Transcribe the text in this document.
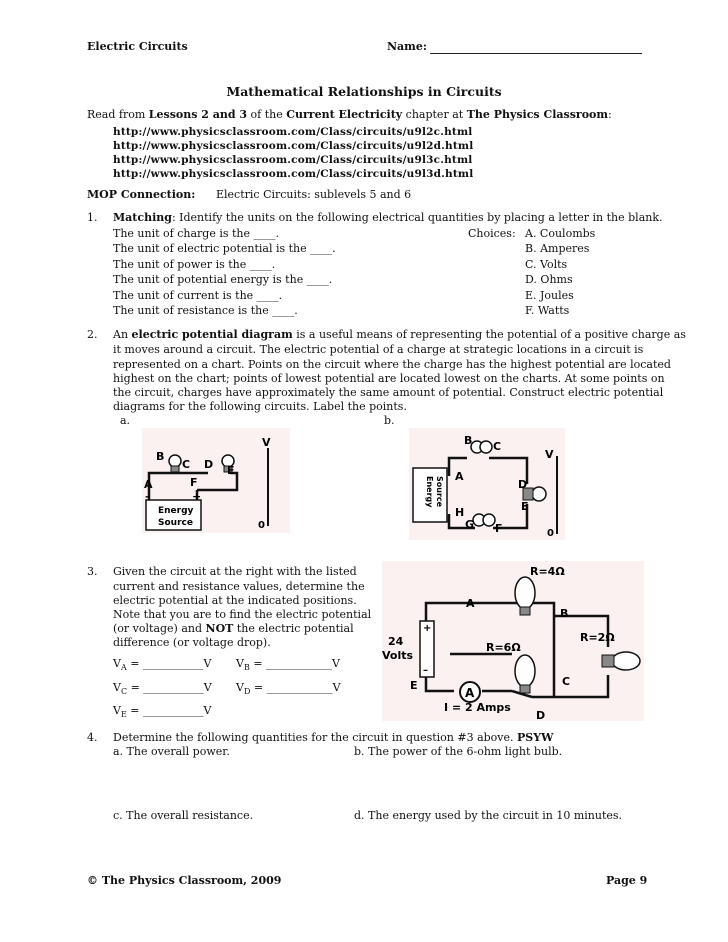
Electric Circuits	Name:
Mathematical Relationships in Circuits
Read from Lessons 2 and 3 of the Current Electricity chapter at The Physics Classroom:
http://www.physicsclassroom.com/Class/circuits/u9l2c.html
http://www.physicsclassroom.com/Class/circuits/u9l2d.html
http://www.physicsclassroom.com/Class/circuits/u9l3c.html
http://www.physicsclassroom.com/Class/circuits/u9l3d.html
MOP Connection: Electric Circuits: sublevels 5 and 6
1. Matching: Identify the units on the following electrical quantities by placing a letter in the blank.
The unit of charge is the ____.
The unit of electric potential is the ____.
The unit of power is the ____.
The unit of potential energy is the ____.
The unit of current is the ____.
The unit of resistance is the ____.
Choices: A. Coulombs
B. Amperes
C. Volts
D. Ohms
E. Joules
F. Watts
2. An electric potential diagram is a useful means of representing the potential of a positive charge as
it moves around a circuit. The electric potential of a charge at strategic locations in a circuit is
represented on a chart. Points on the circuit where the charge has the highest potential are located
highest on the chart; points of lowest potential are located lowest on the charts. At some points on
the circuit, charges have approximately the same amount of potential. Construct electric potential
diagrams for the following circuits. Label the points.
a.	b.
Energy
Source
B
C D E
A	F
–	+
V
0
Energy Source
B C
A
D
E
H
G F
V
0
3. Given the circuit at the right with the listed
current and resistance values, determine the
electric potential at the indicated positions.
Note that you are to find the electric potential
(or voltage) and NOT the electric potential
difference (or voltage drop).
$V_A$ = ___________V $V_B$ = ____________V
$V_C$ = ___________V $V_D$ = ____________V
$V_E$ = ___________V
A
R=4Ω
R=6Ω
R=2Ω
24
Volts
A
B
C
D
E
I = 2 Amps
+
–
4. Determine the following quantities for the circuit in question #3 above. PSYW
a. The overall power.	b. The power of the 6-ohm light bulb.
c. The overall resistance.	d. The energy used by the circuit in 10 minutes.
© The Physics Classroom, 2009	Page 9
